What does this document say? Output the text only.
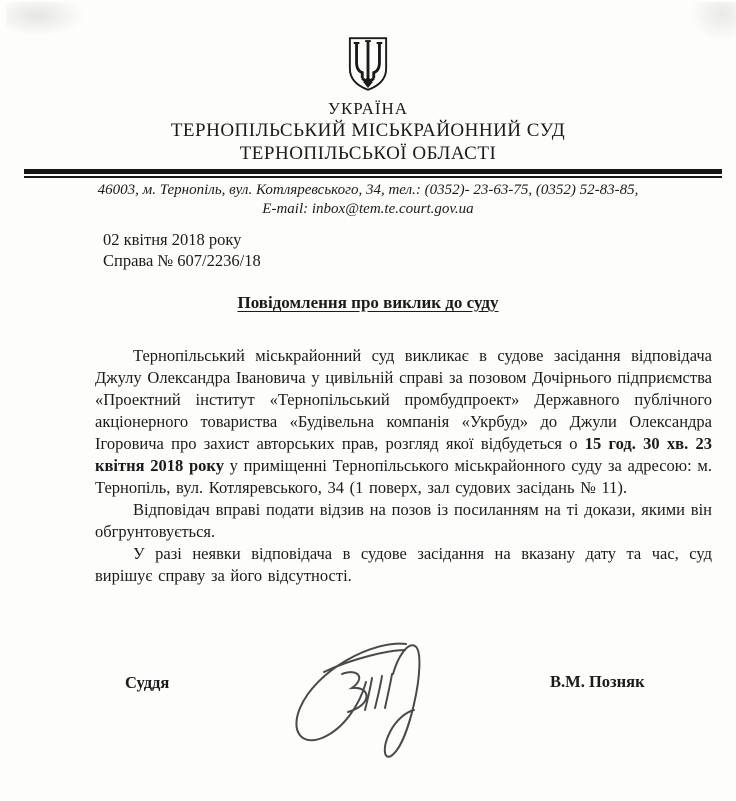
УКРАЇНА
ТЕРНОПІЛЬСЬКИЙ МІСЬКРАЙОННИЙ СУД
ТЕРНОПІЛЬСЬКОЇ ОБЛАСТІ
46003, м. Тернопіль, вул. Котляревського, 34, тел.: (0352)- 23-63-75, (0352) 52-83-85,
E-mail: inbox@tem.te.court.gov.ua
02 квітня 2018 року
Справа № 607/2236/18
Повідомлення про виклик до суду

Тернопільський міськрайонний суд викликає в судове засідання відповідача Джулу Олександра Івановича у цивільній справі за позовом Дочірнього підприємства «Проектний інститут «Тернопільський промбудпроект» Державного публічного акціонерного товариства «Будівельна компанія «Укрбуд» до Джули Олександра Ігоровича про захист авторських прав, розгляд якої відбудеться о 15 год. 30 хв. 23 квітня 2018 року у приміщенні Тернопільського міськрайонного суду за адресою: м. Тернопіль, вул. Котляревського, 34 (1 поверх, зал судових засідань № 11).

Відповідач вправі подати відзив на позов із посиланням на ті докази, якими він обгрунтовується.

У разі неявки відповідача в судове засідання на вказану дату та час, суд вирішує справу за його відсутності.

Суддя	В.М. Позняк
